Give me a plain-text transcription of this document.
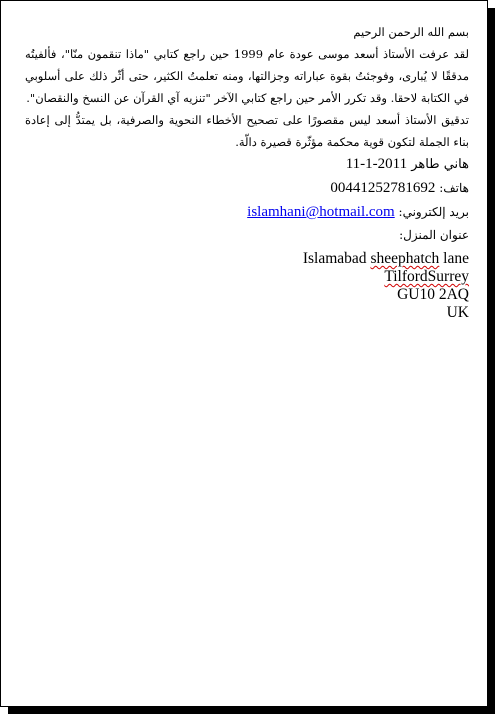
بسم الله الرحمن الرحيم

لقد عرفت الأستاذ أسعد موسى عودة عام 1999 حين راجع كتابي "ماذا تنقمون منّا"، فألفيتُه مدققًا لا يُبارى، وفوجئتُ بقوة عباراته وجزالتها، ومنه تعلمتُ الكثير، حتى أثّر ذلك على أسلوبي في الكتابة لاحقا. وقد تكرر الأمر حين راجع كتابي الآخر "تنزيه آي القرآن عن النسخ والنقصان".

تدقيق الأستاذ أسعد ليس مقصورًا على تصحيح الأخطاء النحوية والصرفية، بل يمتدُّ إلى إعادة بناء الجملة لتكون قوية محكمة مؤثّرة قصيرة دالّة.

هاني طاهر 11-1-2011
هاتف: 00441252781692
بريد إلكتروني: islamhani@hotmail.com
عنوان المنزل:
Islamabad sheephatch lane
TilfordSurrey
GU10 2AQ
UK
